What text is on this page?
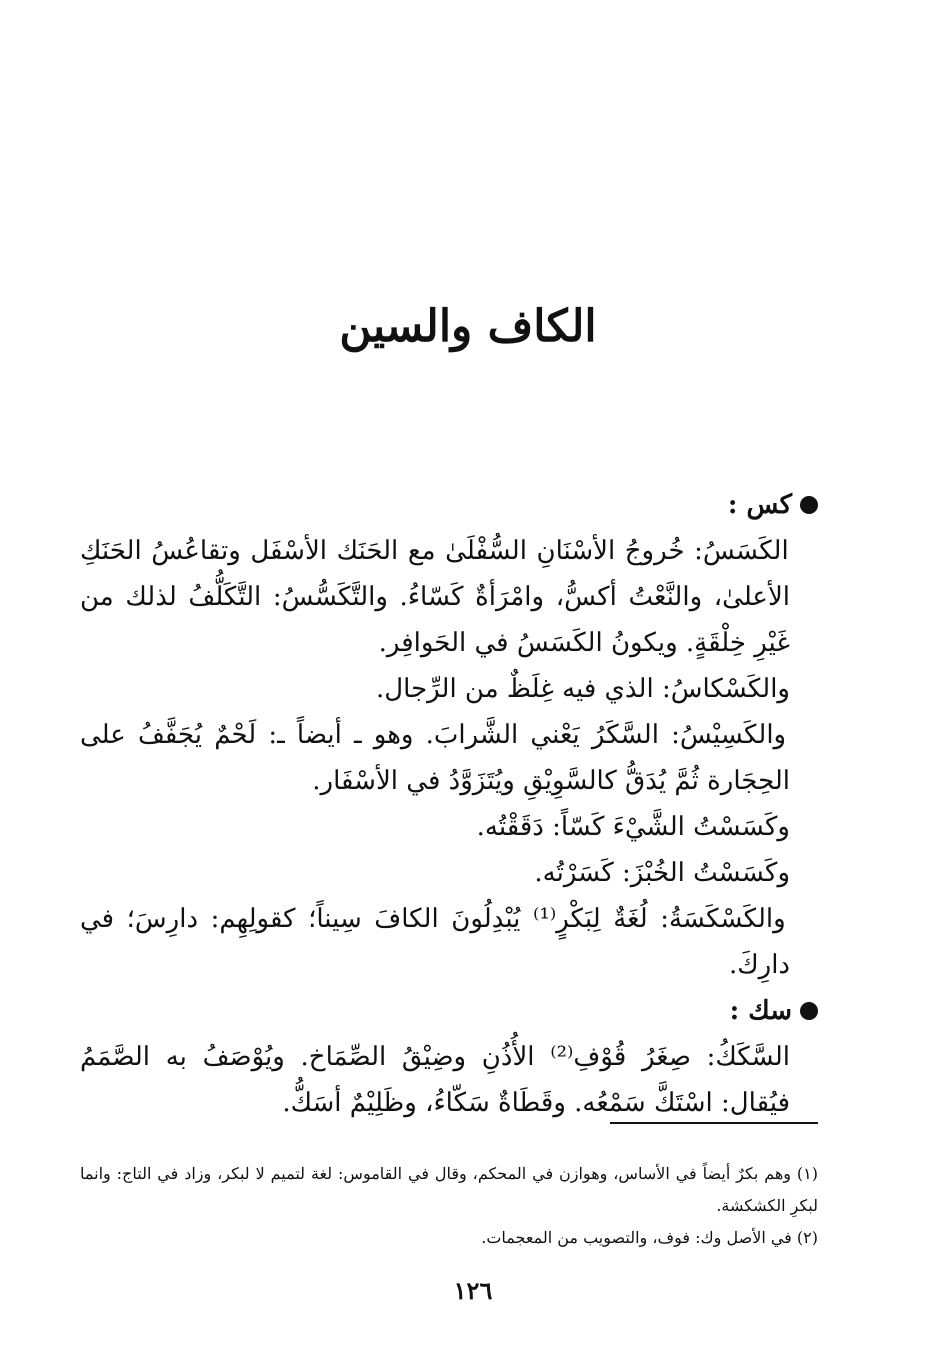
الكاف والسين
كس :

الكَسَسُ: خُروجُ الأسْنَانِ السُّفْلَىٰ مع الحَنَك الأسْفَل وتقاعُسُ الحَنَكِ الأعلىٰ، والنَّعْتُ أكسُّ، وامْرَأةٌ كَسّاءُ. والتَّكَسُّسُ: التَّكَلُّفُ لذلك من غَيْرِ خِلْقَةٍ. ويكونُ الكَسَسُ في الحَوافِر.

والكَسْكاسُ: الذي فيه غِلَظٌ من الرِّجال.

والكَسِيْسُ: السَّكَرُ يَعْني الشَّرابَ. وهو ـ أيضاً ـ: لَحْمٌ يُجَفَّفُ على الحِجَارة ثُمَّ يُدَقُّ كالسَّوِيْقِ ويُتَزَوَّدُ في الأسْفَار.

وكَسَسْتُ الشَّيْءَ كَسّاً: دَقَقْتُه.

وكَسَسْتُ الخُبْزَ: كَسَرْتُه.

والكَسْكَسَةُ: لُغَةٌ لِبَكْرٍ⁽¹⁾ يُبْدِلُونَ الكافَ سِيناً؛ كقولِهِم: دارِسَ؛ في دارِكَ.

سك :

السَّكَكُ: صِغَرُ قُوْفِ⁽²⁾ الأُذُنِ وضِيْقُ الصِّمَاخ. ويُوْصَفُ به الصَّمَمُ فيُقال: اسْتَكَّ سَمْعُه. وقَطَاةٌ سَكّاءُ، وظَلِيْمٌ أسَكُّ.

(١) وهم بكرٌ أيضاً في الأساس، وهوازن في المحكم، وقال في القاموس: لغة لتميم لا لبكر، وزاد في التاج: وانما لبكرِ الكشكشة.

(٢) في الأصل وك: فوف، والتصويب من المعجمات.

١٢٦
